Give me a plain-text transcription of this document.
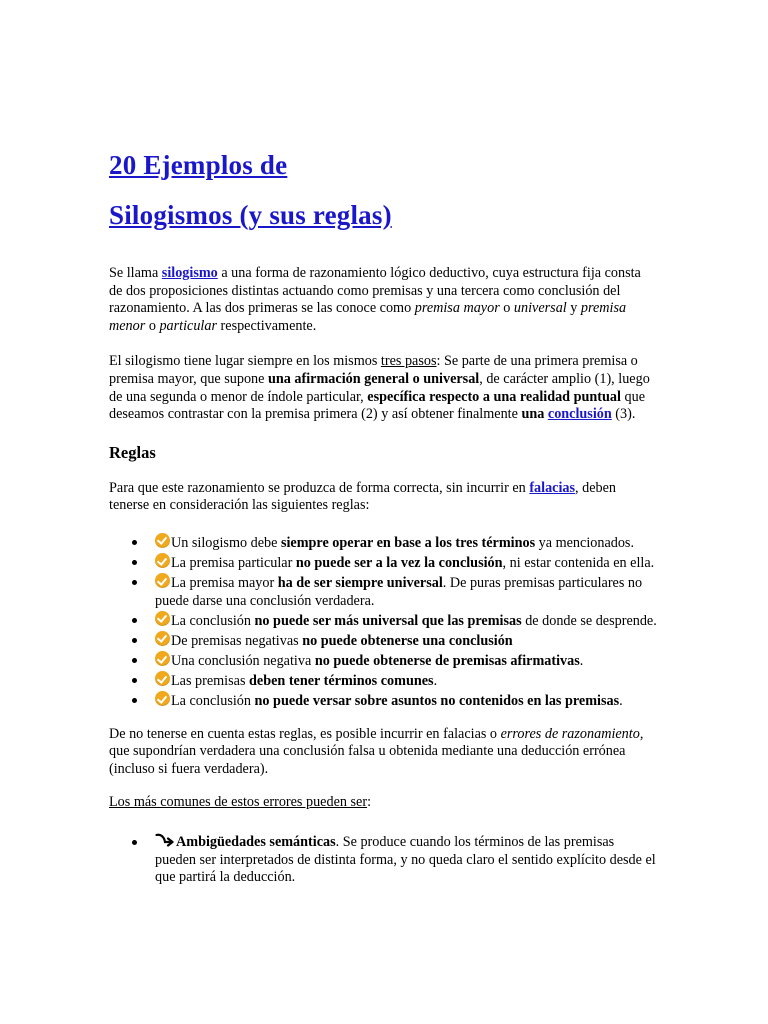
20 Ejemplos de
Silogismos (y sus reglas)

Se llama silogismo a una forma de razonamiento lógico deductivo, cuya estructura fija consta de dos proposiciones distintas actuando como premisas y una tercera como conclusión del razonamiento. A las dos primeras se las conoce como premisa mayor o universal y premisa menor o particular respectivamente.

El silogismo tiene lugar siempre en los mismos tres pasos: Se parte de una primera premisa o premisa mayor, que supone una afirmación general o universal, de carácter amplio (1), luego de una segunda o menor de índole particular, específica respecto a una realidad puntual que deseamos contrastar con la premisa primera (2) y así obtener finalmente una conclusión (3).

Reglas

Para que este razonamiento se produzca de forma correcta, sin incurrir en falacias, deben tenerse en consideración las siguientes reglas:

Un silogismo debe siempre operar en base a los tres términos ya mencionados.
La premisa particular no puede ser a la vez la conclusión, ni estar contenida en ella.
La premisa mayor ha de ser siempre universal. De puras premisas particulares no puede darse una conclusión verdadera.
La conclusión no puede ser más universal que las premisas de donde se desprende.
De premisas negativas no puede obtenerse una conclusión
Una conclusión negativa no puede obtenerse de premisas afirmativas.
Las premisas deben tener términos comunes.
La conclusión no puede versar sobre asuntos no contenidos en las premisas.

De no tenerse en cuenta estas reglas, es posible incurrir en falacias o errores de razonamiento, que supondrían verdadera una conclusión falsa u obtenida mediante una deducción errónea (incluso si fuera verdadera).

Los más comunes de estos errores pueden ser:

Ambigüedades semánticas. Se produce cuando los términos de las premisas pueden ser interpretados de distinta forma, y no queda claro el sentido explícito desde el que partirá la deducción.
